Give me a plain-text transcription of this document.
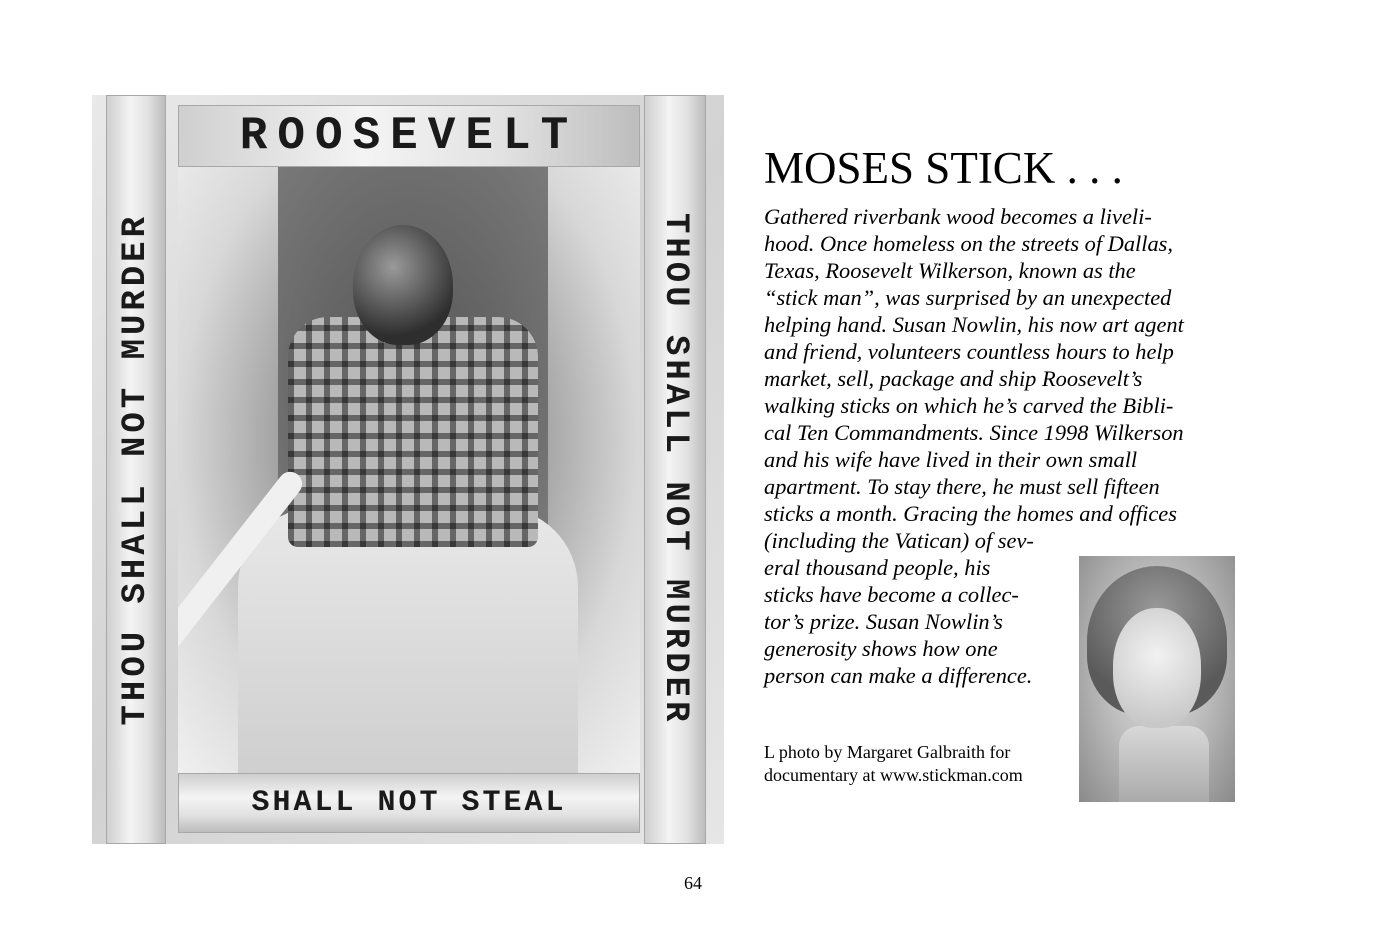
THOU SHALL NOT MURDER	THOU SHALL NOT MURDER
ROOSEVELT
SHALL NOT STEAL
MOSES STICK . . .
Gathered riverbank wood becomes a liveli-
hood. Once homeless on the streets of Dallas,
Texas, Roosevelt Wilkerson, known as the
“stick man”, was surprised by an unexpected
helping hand. Susan Nowlin, his now art agent
and friend, volunteers countless hours to help
market, sell, package and ship Roosevelt’s
walking sticks on which he’s carved the Bibli-
cal Ten Commandments. Since 1998 Wilkerson
and his wife have lived in their own small
apartment. To stay there, he must sell fifteen
sticks a month. Gracing the homes and offices
(including the Vatican) of sev-
eral thousand people, his
sticks have become a collec-
tor’s prize. Susan Nowlin’s
generosity shows how one
person can make a difference.
L photo by Margaret Galbraith for
documentary at www.stickman.com
64
